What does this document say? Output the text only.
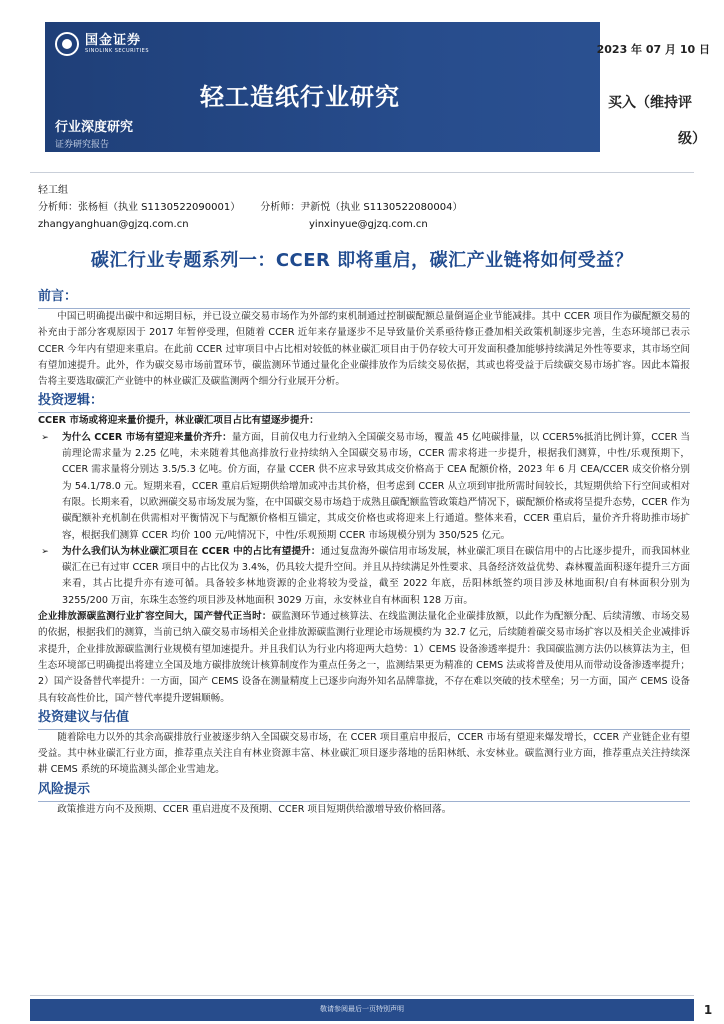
国金证券
SINOLINK SECURITIES
轻工造纸行业研究
行业深度研究
证券研究报告
2023 年 07 月 10 日
买入（维持评
级）
轻工组
分析师：张杨桓（执业 S1130522090001） 分析师：尹新悦（执业 S1130522080004）
zhangyanghuan@gjzq.com.cn	yinxinyue@gjzq.com.cn
碳汇行业专题系列一：CCER 即将重启，碳汇产业链将如何受益？
前言：

中国已明确提出碳中和远期目标，并已设立碳交易市场作为外部约束机制通过控制碳配额总量倒逼企业节能减排。其中 CCER 项目作为碳配额交易的补充由于部分客观原因于 2017 年暂停受理，但随着 CCER 近年来存量逐步不足导致量价关系亟待修正叠加相关政策机制逐步完善，生态环境部已表示 CCER 今年内有望迎来重启。在此前 CCER 过审项目中占比相对较低的林业碳汇项目由于仍存较大可开发面积叠加能够持续满足外性等要求，其市场空间有望加速提升。此外，作为碳交易市场前置环节，碳监测环节通过量化企业碳排放作为后续交易依据，其或也将受益于后续碳交易市场扩容。因此本篇报告将主要选取碳汇产业链中的林业碳汇及碳监测两个细分行业展开分析。

投资逻辑：

CCER 市场或将迎来量价提升，林业碳汇项目占比有望逐步提升：

➢	为什么 CCER 市场有望迎来量价齐升：量方面，目前仅电力行业纳入全国碳交易市场，覆盖 45 亿吨碳排量，以 CCER5%抵消比例计算，CCER 当前理论需求量为 2.25 亿吨，未来随着其他高排放行业持续纳入全国碳交易市场，CCER 需求将进一步提升，根据我们测算，中性/乐观预期下，CCER 需求量将分别达 3.5/5.3 亿吨。价方面，存量 CCER 供不应求导致其成交价格高于 CEA 配额价格，2023 年 6 月 CEA/CCER 成交价格分别为 54.1/78.0 元。短期来看，CCER 重启后短期供给增加或冲击其价格，但考虑到 CCER 从立项到审批所需时间较长，其短期供给下行空间或相对有限。长期来看，以欧洲碳交易市场发展为鉴，在中国碳交易市场趋于成熟且碳配额监管政策趋严情况下，碳配额价格或将呈提升态势，CCER 作为碳配额补充机制在供需相对平衡情况下与配额价格相互锚定，其成交价格也或将迎来上行通道。整体来看，CCER 重启后，量价齐升将助推市场扩容，根据我们测算 CCER 均价 100 元/吨情况下，中性/乐观预期 CCER 市场规模分别为 350/525 亿元。

➢	为什么我们认为林业碳汇项目在 CCER 中的占比有望提升：通过复盘海外碳信用市场发展，林业碳汇项目在碳信用中的占比逐步提升，而我国林业碳汇在已有过审 CCER 项目中的占比仅为 3.4%，仍具较大提升空间。并且从持续满足外性要求、具备经济效益优势、森林覆盖面积逐年提升三方面来看，其占比提升亦有迹可循。具备较多林地资源的企业将较为受益，截至 2022 年底，岳阳林纸签约项目涉及林地面积/自有林面积分别为 3255/200 万亩，东珠生态签约项目涉及林地面积 3029 万亩，永安林业自有林面积 128 万亩。

企业排放源碳监测行业扩容空间大，国产替代正当时：碳监测环节通过核算法、在线监测法量化企业碳排放额，以此作为配额分配、后续清缴、市场交易的依据，根据我们的测算，当前已纳入碳交易市场相关企业排放源碳监测行业理论市场规模约为 32.7 亿元，后续随着碳交易市场扩容以及相关企业减排诉求提升，企业排放源碳监测行业规模有望加速提升。并且我们认为行业内将迎两大趋势：1）CEMS 设备渗透率提升：我国碳监测方法仍以核算法为主，但生态环境部已明确提出将建立全国及地方碳排放统计核算制度作为重点任务之一，监测结果更为精准的 CEMS 法或将普及使用从而带动设备渗透率提升；2）国产设备替代率提升：一方面，国产 CEMS 设备在测量精度上已逐步向海外知名品牌靠拢，不存在难以突破的技术壁垒；另一方面，国产 CEMS 设备具有较高性价比，国产替代率提升逻辑顺畅。

投资建议与估值

随着除电力以外的其余高碳排放行业被逐步纳入全国碳交易市场，在 CCER 项目重启申报后，CCER 市场有望迎来爆发增长，CCER 产业链企业有望受益。其中林业碳汇行业方面，推荐重点关注自有林业资源丰富、林业碳汇项目逐步落地的岳阳林纸、永安林业。碳监测行业方面，推荐重点关注持续深耕 CEMS 系统的环境监测头部企业雪迪龙。

风险提示

政策推进方向不及预期、CCER 重启进度不及预期、CCER 项目短期供给激增导致价格回落。

敬请参阅最后一页特别声明	1
